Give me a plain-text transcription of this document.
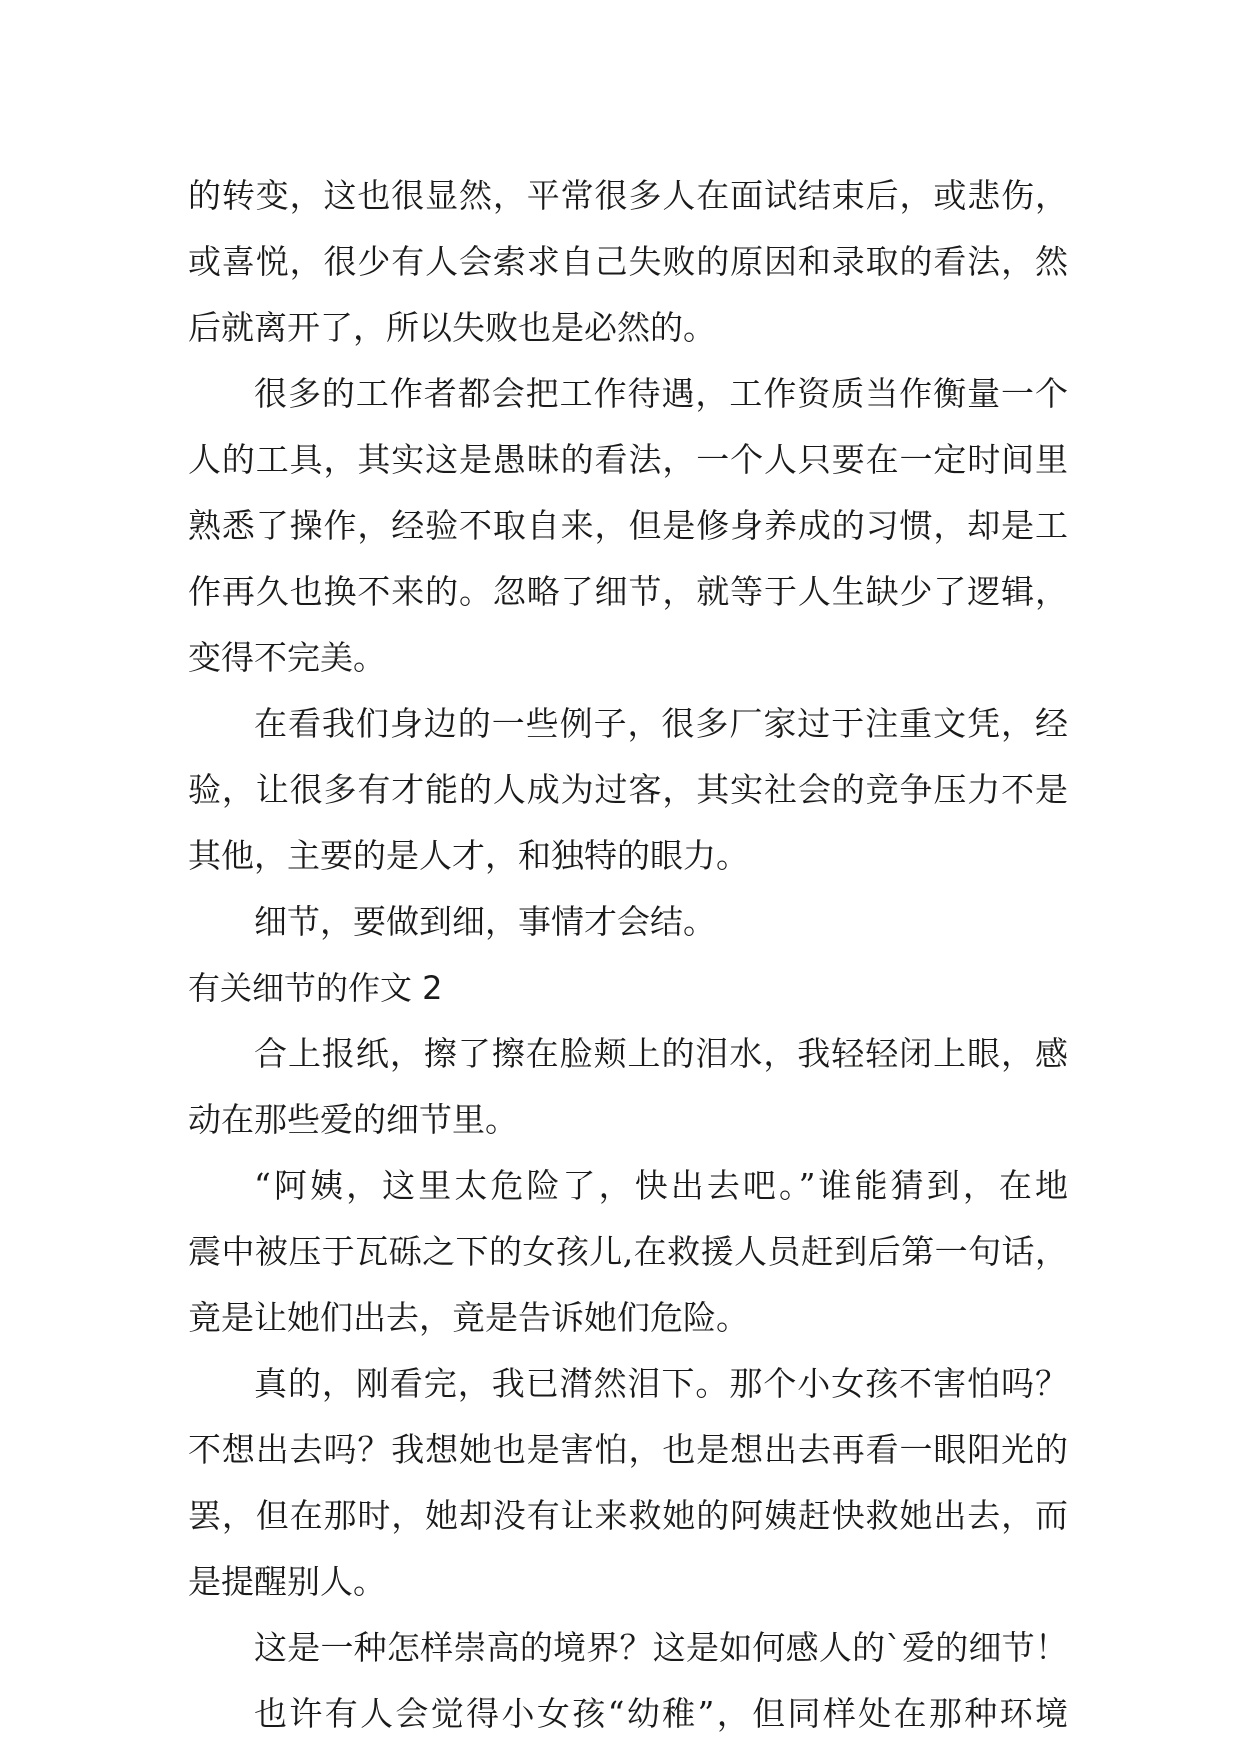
的转变，这也很显然，平常很多人在面试结束后，或悲伤，
或喜悦，很少有人会索求自己失败的原因和录取的看法，然
后就离开了，所以失败也是必然的。
很多的工作者都会把工作待遇，工作资质当作衡量一个
人的工具，其实这是愚昧的看法，一个人只要在一定时间里
熟悉了操作，经验不取自来，但是修身养成的习惯，却是工
作再久也换不来的。忽略了细节，就等于人生缺少了逻辑，
变得不完美。
在看我们身边的一些例子，很多厂家过于注重文凭，经
验，让很多有才能的人成为过客，其实社会的竞争压力不是
其他，主要的是人才，和独特的眼力。
细节，要做到细，事情才会结。
有关细节的作文 2
合上报纸，擦了擦在脸颊上的泪水，我轻轻闭上眼，感
动在那些爱的细节里。
“阿姨，这里太危险了，快出去吧。”谁能猜到，在地
震中被压于瓦砾之下的女孩儿,在救援人员赶到后第一句话，
竟是让她们出去，竟是告诉她们危险。
真的，刚看完，我已潸然泪下。那个小女孩不害怕吗？
不想出去吗？我想她也是害怕，也是想出去再看一眼阳光的
罢，但在那时，她却没有让来救她的阿姨赶快救她出去，而
是提醒别人。
这是一种怎样崇高的境界？这是如何感人的`爱的细节！
也许有人会觉得小女孩“幼稚”，但同样处在那种环境
